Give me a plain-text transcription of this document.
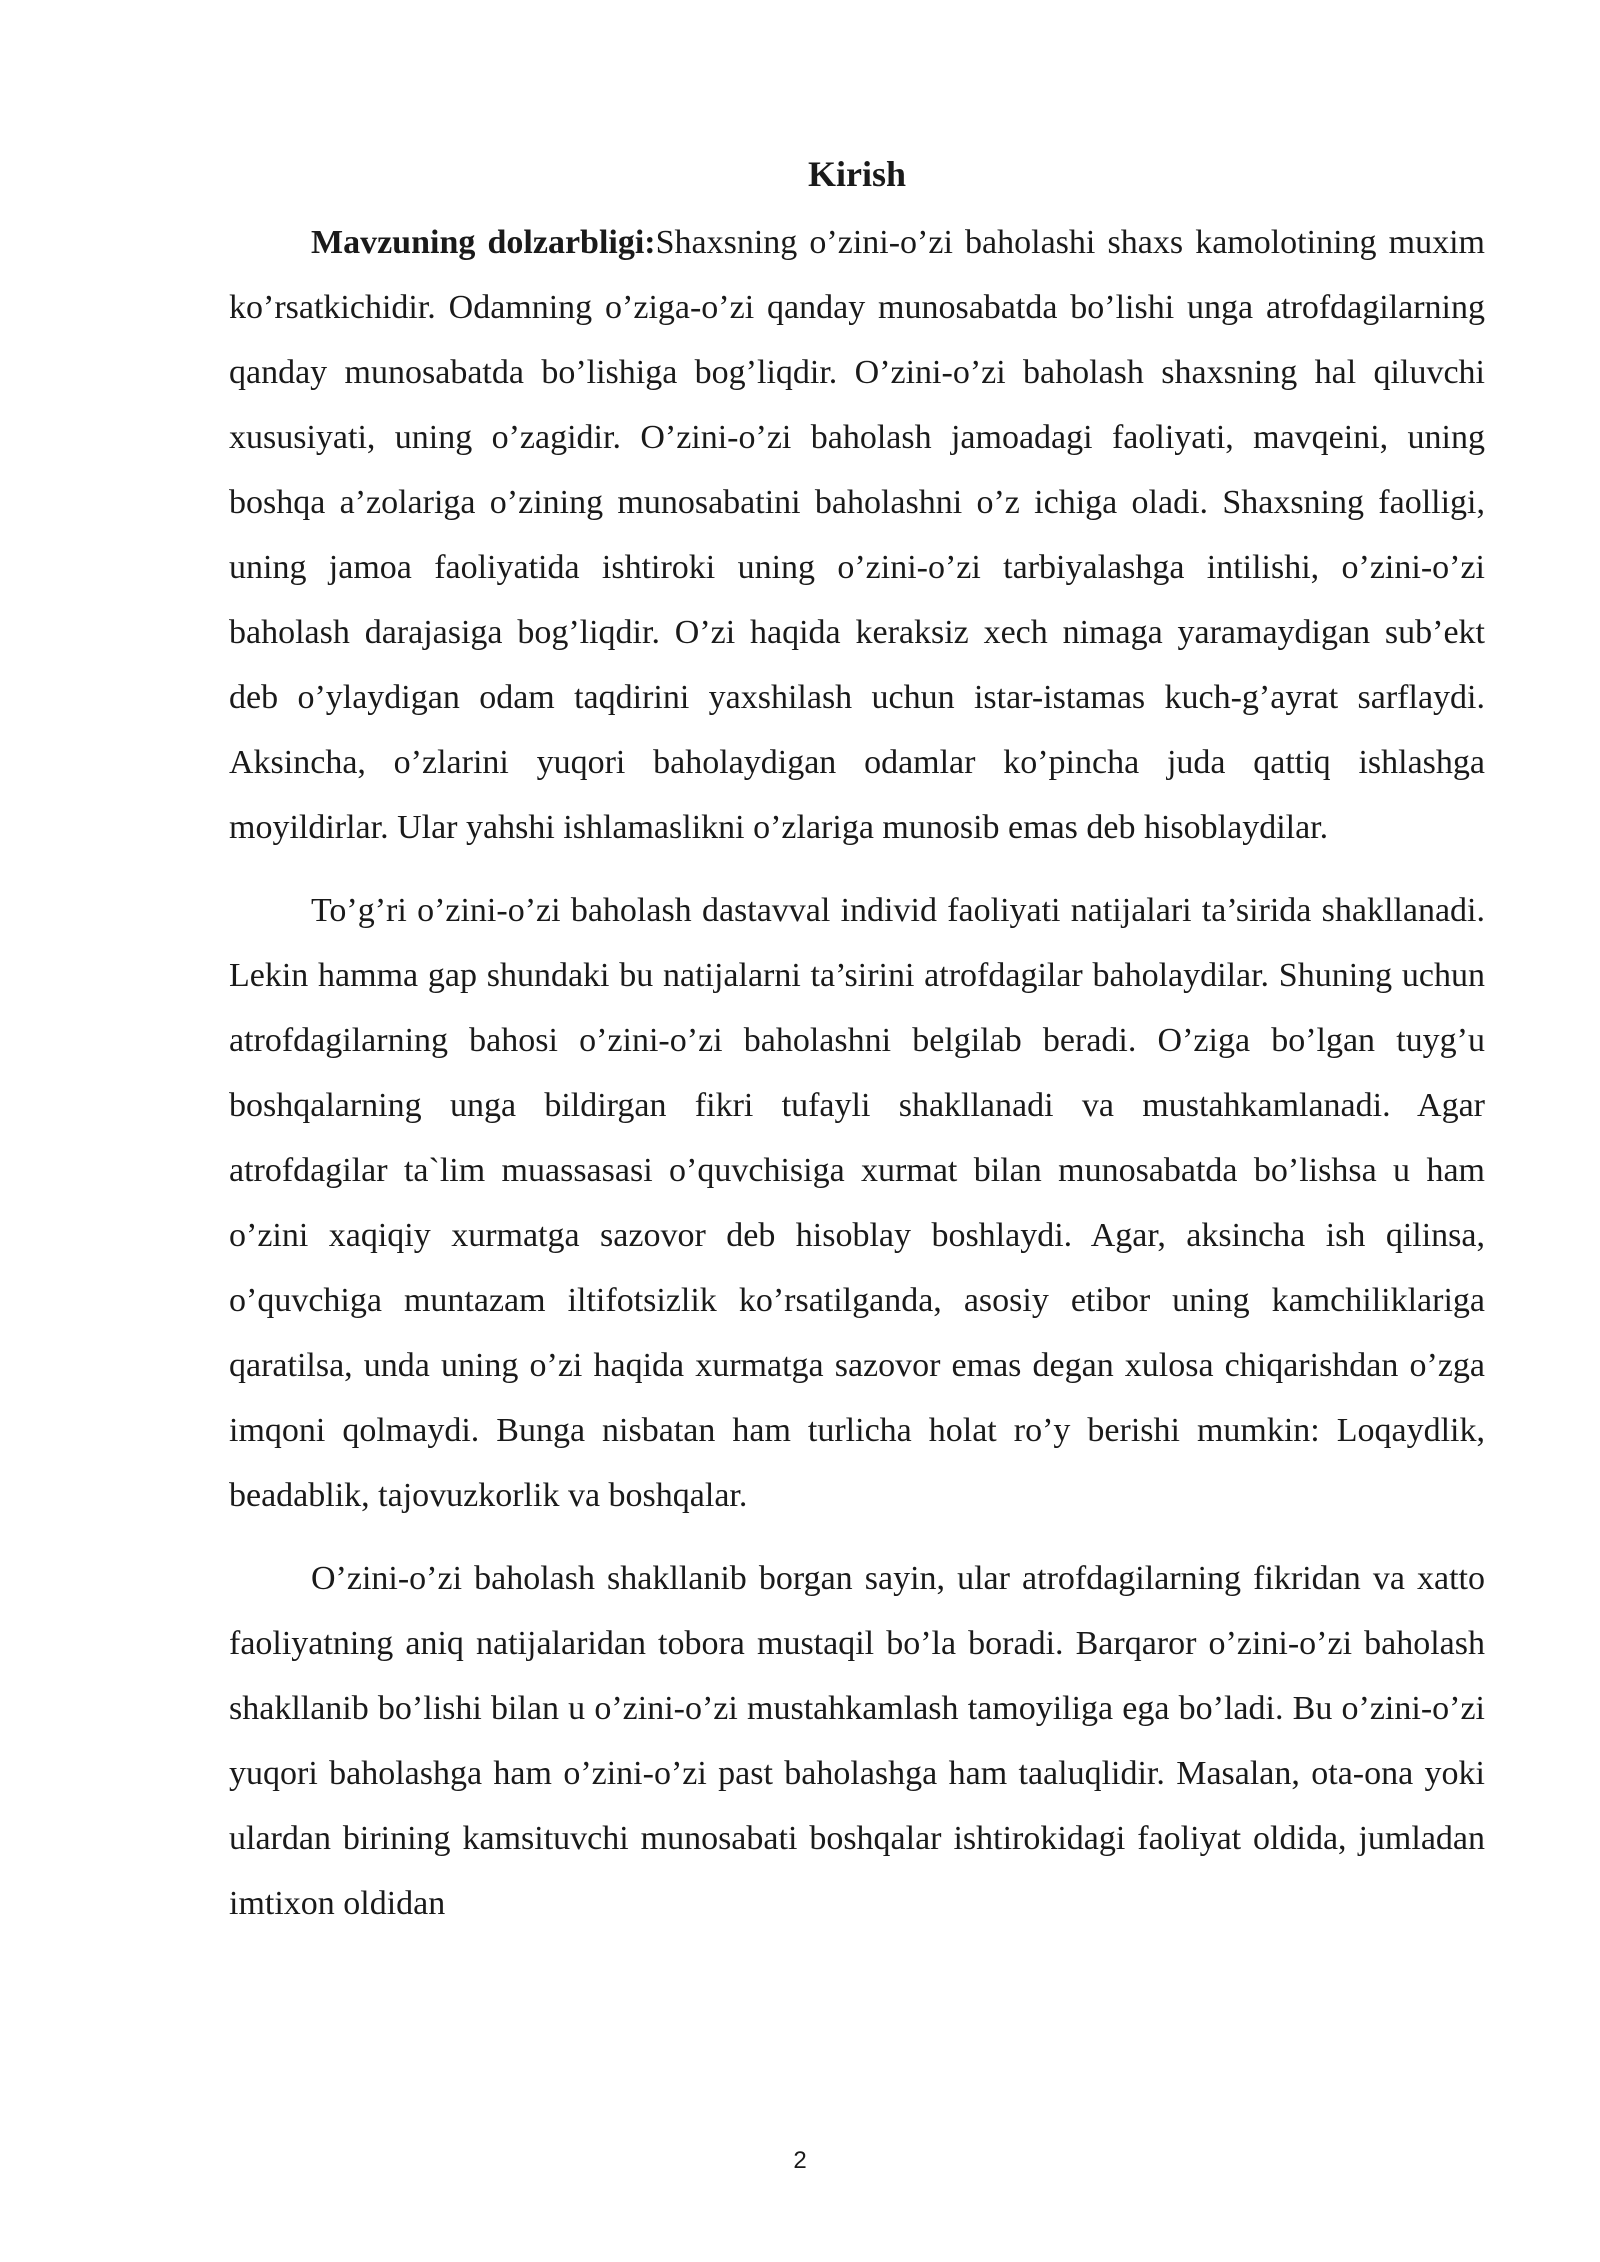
Kirish

Mavzuning dolzarbligi:Shaxsning o’zini-o’zi baholashi shaxs kamolotining muxim ko’rsatkichidir. Odamning o’ziga-o’zi qanday munosabatda bo’lishi unga atrofdagilarning qanday munosabatda bo’lishiga bog’liqdir. O’zini-o’zi baholash shaxsning hal qiluvchi xususiyati, uning o’zagidir. O’zini-o’zi baholash jamoadagi faoliyati, mavqeini, uning boshqa a’zolariga o’zining munosabatini baholashni o’z ichiga oladi. Shaxsning faolligi, uning jamoa faoliyatida ishtiroki uning o’zini-o’zi tarbiyalashga intilishi, o’zini-o’zi baholash darajasiga bog’liqdir. O’zi haqida keraksiz xech nimaga yaramaydigan sub’ekt deb o’ylaydigan odam taqdirini yaxshilash uchun istar-istamas kuch-g’ayrat sarflaydi. Aksincha, o’zlarini yuqori baholaydigan odamlar ko’pincha juda qattiq ishlashga moyildirlar. Ular yahshi ishlamaslikni o’zlariga munosib emas deb hisoblaydilar.

To’g’ri o’zini-o’zi baholash dastavval individ faoliyati natijalari ta’sirida shakllanadi. Lekin hamma gap shundaki bu natijalarni ta’sirini atrofdagilar baholaydilar. Shuning uchun atrofdagilarning bahosi o’zini-o’zi baholashni belgilab beradi. O’ziga bo’lgan tuyg’u boshqalarning unga bildirgan fikri tufayli shakllanadi va mustahkamlanadi. Agar atrofdagilar ta`lim muassasasi o’quvchisiga xurmat bilan munosabatda bo’lishsa u ham o’zini xaqiqiy xurmatga sazovor deb hisoblay boshlaydi. Agar, aksincha ish qilinsa, o’quvchiga muntazam iltifotsizlik ko’rsatilganda, asosiy etibor uning kamchiliklariga qaratilsa, unda uning o’zi haqida xurmatga sazovor emas degan xulosa chiqarishdan o’zga imqoni qolmaydi. Bunga nisbatan ham turlicha holat ro’y berishi mumkin: Loqaydlik, beadablik, tajovuzkorlik va boshqalar.

O’zini-o’zi baholash shakllanib borgan sayin, ular atrofdagilarning fikridan va xatto faoliyatning aniq natijalaridan tobora mustaqil bo’la boradi. Barqaror o’zini-o’zi baholash shakllanib bo’lishi bilan u o’zini-o’zi mustahkamlash tamoyiliga ega bo’ladi. Bu o’zini-o’zi yuqori baholashga ham o’zini-o’zi past baholashga ham taaluqlidir. Masalan, ota-ona yoki ulardan birining kamsituvchi munosabati boshqalar ishtirokidagi faoliyat oldida, jumladan imtixon oldidan

2
